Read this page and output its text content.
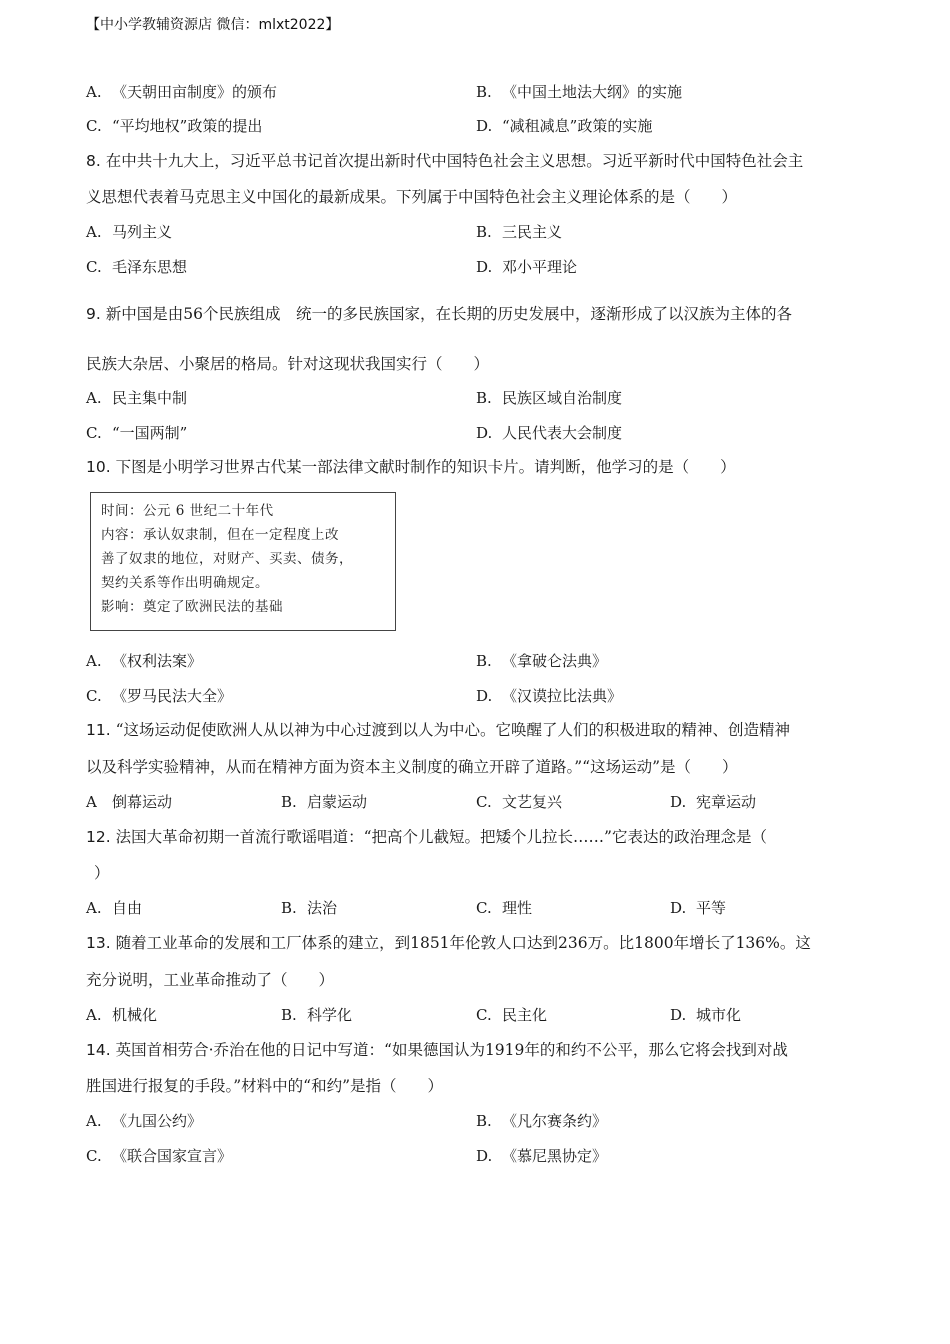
【中小学教辅资源店 微信：mlxt2022】
A. 《天朝田亩制度》的颁布	B. 《中国土地法大纲》的实施
C. “平均地权”政策的提出	D. “减租减息”政策的实施
8. 在中共十九大上，习近平总书记首次提出新时代中国特色社会主义思想。习近平新时代中国特色社会主
义思想代表着马克思主义中国化的最新成果。下列属于中国特色社会主义理论体系的是（　　）
A. 马列主义	B. 三民主义
C. 毛泽东思想	D. 邓小平理论
9. 新中国是由56个民族组成　统一的多民族国家，在长期的历史发展中，逐渐形成了以汉族为主体的各
民族大杂居、小聚居的格局。针对这现状我国实行（　　）
A. 民主集中制	B. 民族区域自治制度
C. “一国两制”	D. 人民代表大会制度
10. 下图是小明学习世界古代某一部法律文献时制作的知识卡片。请判断，他学习的是（　　）
时间：公元 6 世纪二十年代
内容：承认奴隶制，但在一定程度上改
善了奴隶的地位，对财产、买卖、债务，
契约关系等作出明确规定。
影响：奠定了欧洲民法的基础
A. 《权利法案》	B. 《拿破仑法典》
C. 《罗马民法大全》	D. 《汉谟拉比法典》
11. “这场运动促使欧洲人从以神为中心过渡到以人为中心。它唤醒了人们的积极进取的精神、创造精神
以及科学实验精神，从而在精神方面为资本主义制度的确立开辟了道路。”“这场运动”是（　　）
A 倒幕运动	B. 启蒙运动	C. 文艺复兴	D. 宪章运动
12. 法国大革命初期一首流行歌谣唱道：“把高个儿截短。把矮个儿拉长……”它表达的政治理念是（
）
A. 自由	B. 法治	C. 理性	D. 平等
13. 随着工业革命的发展和工厂体系的建立，到1851年伦敦人口达到236万。比1800年增长了136%。这
充分说明，工业革命推动了（　　）
A. 机械化	B. 科学化	C. 民主化	D. 城市化
14. 英国首相劳合·乔治在他的日记中写道：“如果德国认为1919年的和约不公平，那么它将会找到对战
胜国进行报复的手段。”材料中的“和约”是指（　　）
A. 《九国公约》	B. 《凡尔赛条约》
C. 《联合国家宣言》	D. 《慕尼黑协定》
